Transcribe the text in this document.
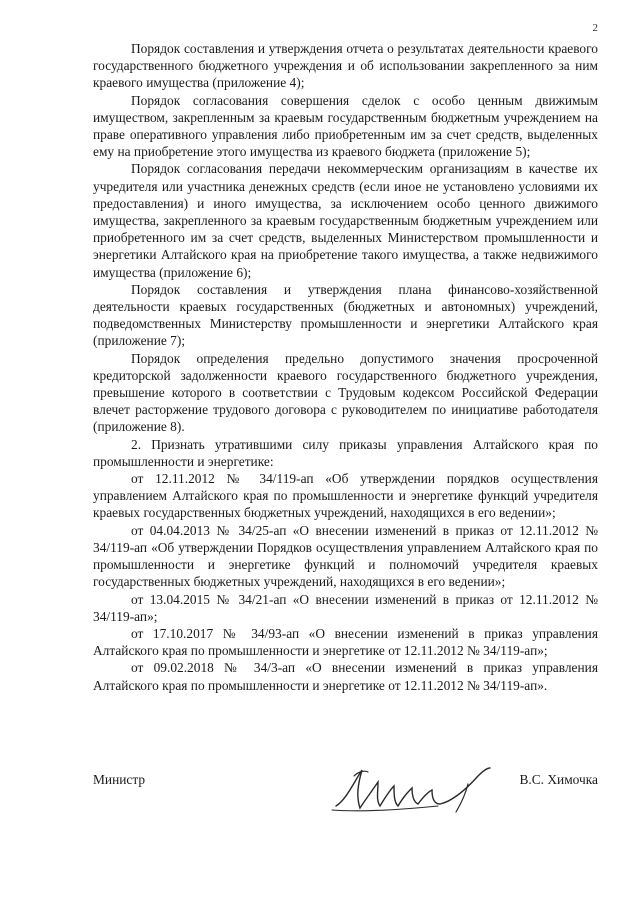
2

Порядок составления и утверждения отчета о результатах деятельности краевого государственного бюджетного учреждения и об использовании закрепленного за ним краевого имущества (приложение 4);

Порядок согласования совершения сделок с особо ценным движимым имуществом, закрепленным за краевым государственным бюджетным учреждением на праве оперативного управления либо приобретенным им за счет средств, выделенных ему на приобретение этого имущества из краевого бюджета (приложение 5);

Порядок согласования передачи некоммерческим организациям в качестве их учредителя или участника денежных средств (если иное не установлено условиями их предоставления) и иного имущества, за исключением особо ценного движимого имущества, закрепленного за краевым государственным бюджетным учреждением или приобретенного им за счет средств, выделенных Министерством промышленности и энергетики Алтайского края на приобретение такого имущества, а также недвижимого имущества (приложение 6);

Порядок составления и утверждения плана финансово-хозяйственной деятельности краевых государственных (бюджетных и автономных) учреждений, подведомственных Министерству промышленности и энергетики Алтайского края (приложение 7);

Порядок определения предельно допустимого значения просроченной кредиторской задолженности краевого государственного бюджетного учреждения, превышение которого в соответствии с Трудовым кодексом Российской Федерации влечет расторжение трудового договора с руководителем по инициативе работодателя (приложение 8).

2. Признать утратившими силу приказы управления Алтайского края по промышленности и энергетике:

от 12.11.2012 № 34/119-ап «Об утверждении порядков осуществления управлением Алтайского края по промышленности и энергетике функций учредителя краевых государственных бюджетных учреждений, находящихся в его ведении»;

от 04.04.2013 № 34/25-ап «О внесении изменений в приказ от 12.11.2012 № 34/119-ап «Об утверждении Порядков осуществления управлением Алтайского края по промышленности и энергетике функций и полномочий учредителя краевых государственных бюджетных учреждений, находящихся в его ведении»;

от 13.04.2015 № 34/21-ап «О внесении изменений в приказ от 12.11.2012 № 34/119-ап»;

от 17.10.2017 № 34/93-ап «О внесении изменений в приказ управления Алтайского края по промышленности и энергетике от 12.11.2012 № 34/119-ап»;

от 09.02.2018 № 34/3-ап «О внесении изменений в приказ управления Алтайского края по промышленности и энергетике от 12.11.2012 № 34/119-ап».

Министр	В.С. Химочка
